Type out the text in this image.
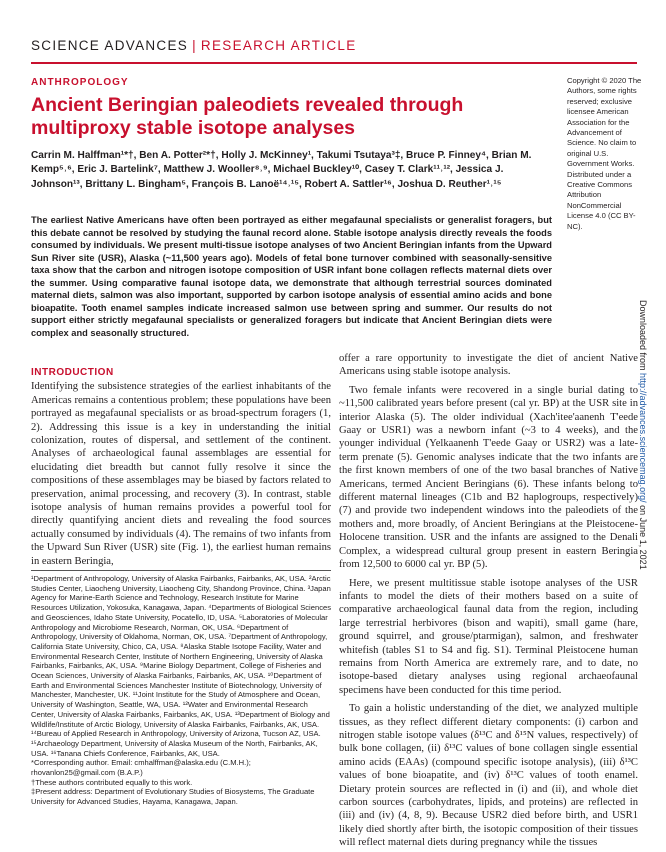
SCIENCE ADVANCES | RESEARCH ARTICLE
ANTHROPOLOGY
Ancient Beringian paleodiets revealed through multiproxy stable isotope analyses
Carrin M. Halffman¹*†, Ben A. Potter²*†, Holly J. McKinney¹, Takumi Tsutaya³‡, Bruce P. Finney⁴, Brian M. Kemp⁵˒⁶, Eric J. Bartelink⁷, Matthew J. Wooller⁸˒⁹, Michael Buckley¹⁰, Casey T. Clark¹¹˒¹², Jessica J. Johnson¹³, Brittany L. Bingham⁵, François B. Lanoë¹⁴˒¹⁵, Robert A. Sattler¹⁶, Joshua D. Reuther¹˒¹⁵
Copyright © 2020 The Authors, some rights reserved; exclusive licensee American Association for the Advancement of Science. No claim to original U.S. Government Works. Distributed under a Creative Commons Attribution NonCommercial License 4.0 (CC BY-NC).
The earliest Native Americans have often been portrayed as either megafaunal specialists or generalist foragers, but this debate cannot be resolved by studying the faunal record alone. Stable isotope analysis directly reveals the foods consumed by individuals. We present multi-tissue isotope analyses of two Ancient Beringian infants from the Upward Sun River site (USR), Alaska (~11,500 years ago). Models of fetal bone turnover combined with seasonally-sensitive taxa show that the carbon and nitrogen isotope composition of USR infant bone collagen reflects maternal diets over the summer. Using comparative faunal isotope data, we demonstrate that although terrestrial sources dominated maternal diets, salmon was also important, supported by carbon isotope analysis of essential amino acids and bone bioapatite. Tooth enamel samples indicate increased salmon use between spring and summer. Our results do not support either strictly megafaunal specialists or generalized foragers but indicate that Ancient Beringian diets were complex and seasonally structured.	Downloaded from http://advances.sciencemag.org/ on June 1, 2021
INTRODUCTION

Identifying the subsistence strategies of the earliest inhabitants of the Americas remains a contentious problem; these populations have been portrayed as megafaunal specialists or as broad-spectrum foragers (1, 2). Addressing this issue is a key in understanding the initial colonization, routes of dispersal, and settlement of the continent. Analyses of archaeological faunal assemblages are essential for elucidating diet breadth but cannot fully resolve it since the compositions of these assemblages may be biased by factors related to preservation, animal processing, and recovery (3). In contrast, stable isotope analysis of human remains provides a powerful tool for directly quantifying ancient diets and revealing the food sources actually consumed by individuals (4). The remains of two infants from the Upward Sun River (USR) site (Fig. 1), the earliest human remains in eastern Beringia,

¹Department of Anthropology, University of Alaska Fairbanks, Fairbanks, AK, USA. ²Arctic Studies Center, Liaocheng University, Liaocheng City, Shandong Province, China. ³Japan Agency for Marine-Earth Science and Technology, Research Institute for Marine Resources Utilization, Yokosuka, Kanagawa, Japan. ⁴Departments of Biological Sciences and Geosciences, Idaho State University, Pocatello, ID, USA. ⁵Laboratories of Molecular Anthropology and Microbiome Research, Norman, OK, USA. ⁶Department of Anthropology, University of Oklahoma, Norman, OK, USA. ⁷Department of Anthropology, California State University, Chico, CA, USA. ⁸Alaska Stable Isotope Facility, Water and Environmental Research Center, Institute of Northern Engineering, University of Alaska Fairbanks, Fairbanks, AK, USA. ⁹Marine Biology Department, College of Fisheries and Ocean Sciences, University of Alaska Fairbanks, Fairbanks, AK, USA. ¹⁰Department of Earth and Environmental Sciences Manchester Institute of Biotechnology, University of Manchester, Manchester, UK. ¹¹Joint Institute for the Study of Atmosphere and Ocean, University of Washington, Seattle, WA, USA. ¹²Water and Environmental Research Center, University of Alaska Fairbanks, Fairbanks, AK, USA. ¹³Department of Biology and Wildlife/Institute of Arctic Biology, University of Alaska Fairbanks, Fairbanks, AK, USA. ¹⁴Bureau of Applied Research in Anthropology, University of Arizona, Tucson AZ, USA. ¹⁵Archaeology Department, University of Alaska Museum of the North, Fairbanks, AK, USA. ¹⁶Tanana Chiefs Conference, Fairbanks, AK, USA.
*Corresponding author. Email: cmhalffman@alaska.edu (C.M.H.); rhovanlon25@gmail.com (B.A.P.)
†These authors contributed equally to this work.
‡Present address: Department of Evolutionary Studies of Biosystems, The Graduate University for Advanced Studies, Hayama, Kanagawa, Japan.

offer a rare opportunity to investigate the diet of ancient Native Americans using stable isotope analysis.

Two female infants were recovered in a single burial dating to ~11,500 calibrated years before present (cal yr. BP) at the USR site in interior Alaska (5). The older individual (Xach'itee'aanenh T'eede Gaay or USR1) was a newborn infant (~3 to 4 weeks), and the younger individual (Yelkaanenh T'eede Gaay or USR2) was a late-term prenate (5). Genomic analyses indicate that the two infants are the first known members of one of the two basal branches of Native Americans, termed Ancient Beringians (6). These infants belong to different maternal lineages (C1b and B2 haplogroups, respectively) (7) and provide two independent windows into the paleodiets of the mothers and, more broadly, of Ancient Beringians at the Pleistocene-Holocene transition. USR and the infants are assigned to the Denali Complex, a widespread cultural group present in eastern Beringia from 12,500 to 6000 cal yr. BP (5).

Here, we present multitissue stable isotope analyses of the USR infants to model the diets of their mothers based on a suite of comparative archaeological faunal data from the region, including large terrestrial herbivores (bison and wapiti), small game (hare, ground squirrel, and grouse/ptarmigan), salmon, and freshwater whitefish (tables S1 to S4 and fig. S1). Terminal Pleistocene human remains from North America are extremely rare, and to date, no isotope-based dietary analyses using regional archaeofaunal specimens have been conducted for this time period.

To gain a holistic understanding of the diet, we analyzed multiple tissues, as they reflect different dietary components: (i) carbon and nitrogen stable isotope values (δ¹³C and δ¹⁵N values, respectively) of bulk bone collagen, (ii) δ¹³C values of bone collagen single essential amino acids (EAAs) (compound specific isotope analysis), (iii) δ¹³C values of bone bioapatite, and (iv) δ¹³C values of tooth enamel. Dietary protein sources are reflected in (i) and (ii), and whole diet carbon sources (carbohydrates, lipids, and proteins) are reflected in (iii) and (iv) (4, 8, 9). Because USR2 died before birth, and USR1 likely died shortly after birth, the isotopic composition of their tissues will reflect maternal diets during pregnancy while the tissues
